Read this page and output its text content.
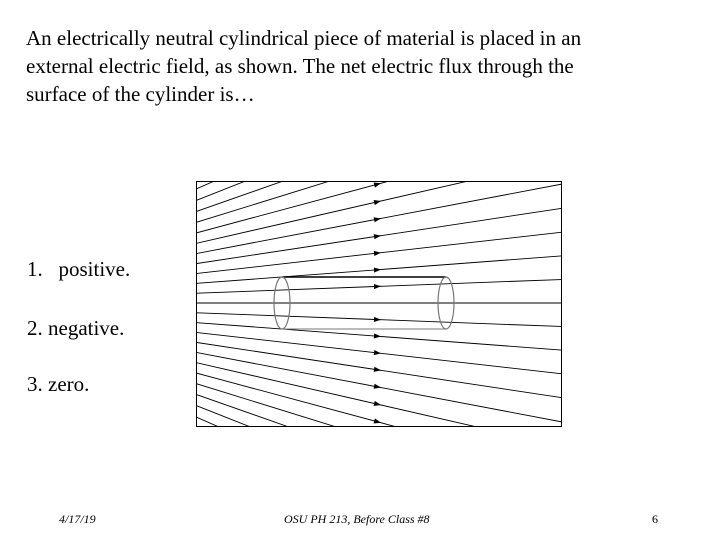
An electrically neutral cylindrical piece of material is placed in an
external electric field, as shown. The net electric flux through the
surface of the cylinder is…
1.   positive.
2. negative.
3. zero.
4/17/19	OSU PH 213, Before Class #8	6
